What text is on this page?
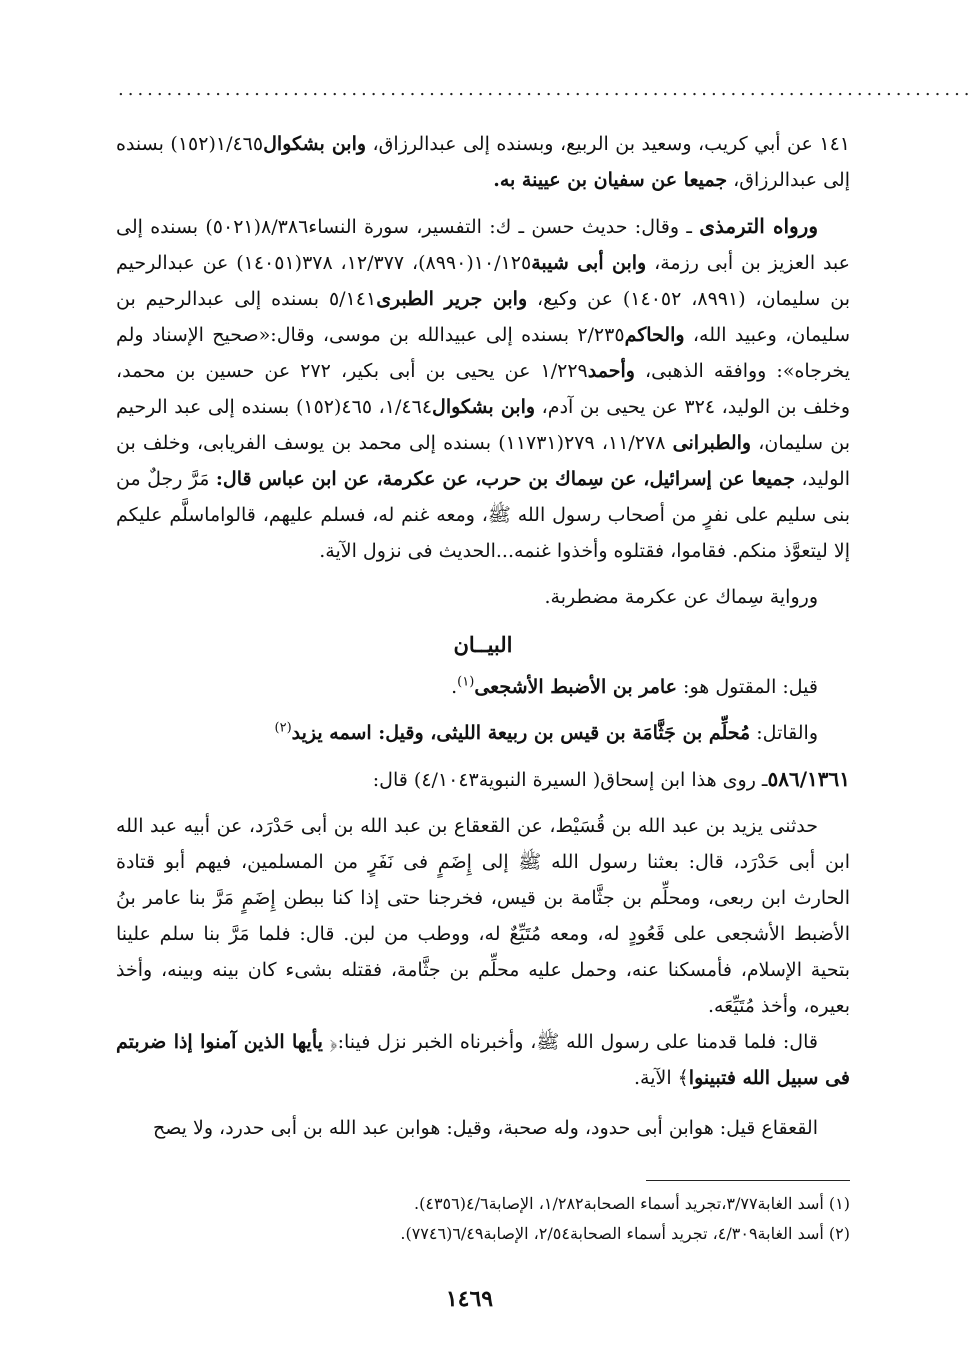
........................................................................................

١٤١ عن أبي كريب، وسعيد بن الربيع، وبسنده إلى عبدالرزاق، وابن بشكوال١/٤٦٥(١٥٢) بسنده إلى عبدالرزاق، جميعا عن سفيان بن عيينة به.

ورواه الترمذى ـ وقال: حديث حسن ـ ك: التفسير، سورة النساء٨/٣٨٦(٥٠٢١) بسنده إلى عبد العزيز بن أبى رزمة، وابن أبى شيبة١٠/١٢٥(٨٩٩٠)، ١٢/٣٧٧، ٣٧٨(١٤٠٥١) عن عبدالرحيم بن سليمان، (٨٩٩١، ١٤٠٥٢) عن وكيع، وابن جرير الطبرى٥/١٤١ بسنده إلى عبدالرحيم بن سليمان، وعبيد الله، والحاكم٢/٢٣٥ بسنده إلى عبيدالله بن موسى، وقال:«صحيح الإسناد ولم يخرجاه»: ووافقه الذهبى، وأحمد١/٢٢٩ عن يحيى بن أبى بكير، ٢٧٢ عن حسين بن محمد، وخلف بن الوليد، ٣٢٤ عن يحيى بن آدم، وابن بشكوال١/٤٦٤، ٤٦٥(١٥٢) بسنده إلى عبد الرحيم بن سليمان، والطبرانى ١١/٢٧٨، ٢٧٩(١١٧٣١) بسنده إلى محمد بن يوسف الفريابى، وخلف بن الوليد، جميعا عن إسرائيل، عن سِماك بن حرب، عن عكرمة، عن ابن عباس قال: مَرَّ رجلٌ من بنى سليم على نفرٍ من أصحاب رسول الله ﷺ، ومعه غنم له، فسلم عليهم، قالواماسلَّم عليكم إلا ليتعوَّذ منكم. فقاموا، فقتلوه وأخذوا غنمه...الحديث فى نزول الآية.

ورواية سِماك عن عكرمة مضطربة.

البيــان

قيل: المقتول هو: عامر بن الأضبط الأشجعى$^{(١)}$.

والقاتل: مُحلِّم بن جَثَّامَة بن قيس بن ربيعة الليثى، وقيل: اسمه يزيد$^{(٢)}$

٥٨٦/١٣٦١ـ روى هذا ابن إسحاق( السيرة النبوية٤/١٠٤٣) قال:

حدثنى يزيد بن عبد الله بن قُسَيْط، عن القعقاع بن عبد الله بن أبى حَدْرَد، عن أبيه عبد الله ابن أبى حَدْرَد، قال: بعثنا رسول الله ﷺ إلى إِضَمٍ فى نَفَرٍ من المسلمين، فيهم أبو قتادة الحارث ابن ربعى، ومحلِّم بن جثَّامة بن قيس، فخرجنا حتى إذا كنا ببطن إِضَمٍ مَرَّ بنا عامر بنُ الأضبط الأشجعى على قَعُودٍ له، ومعه مُتَيِّعٌ له، ووطب من لبن. قال: فلما مَرَّ بنا سلم علينا بتحية الإسلام، فأمسكنا عنه، وحمل عليه محلِّم بن جثَّامة، فقتله بشىء كان بينه وبينه، وأخذ بعيره، وأخذ مُتَيِّعَه.

قال: فلما قدمنا على رسول الله ﷺ، وأخبرناه الخبر نزل فينا:﴿ يأيها الذين آمنوا إذا ضربتم فى سبيل الله فتبينوا﴾ الآية.

القعقاع قيل: هوابن أبى حدود، وله صحبة، وقيل: هوابن عبد الله بن أبى حدرد، ولا يصح

(١) أسد الغابة٣/٧٧،تجريد أسماء الصحابة١/٢٨٢، الإصابة٤/٦(٤٣٥٦).

(٢) أسد الغابة٤/٣٠٩، تجريد أسماء الصحابة٢/٥٤، الإصابة٦/٤٩(٧٧٤٦).

١٤٦٩
